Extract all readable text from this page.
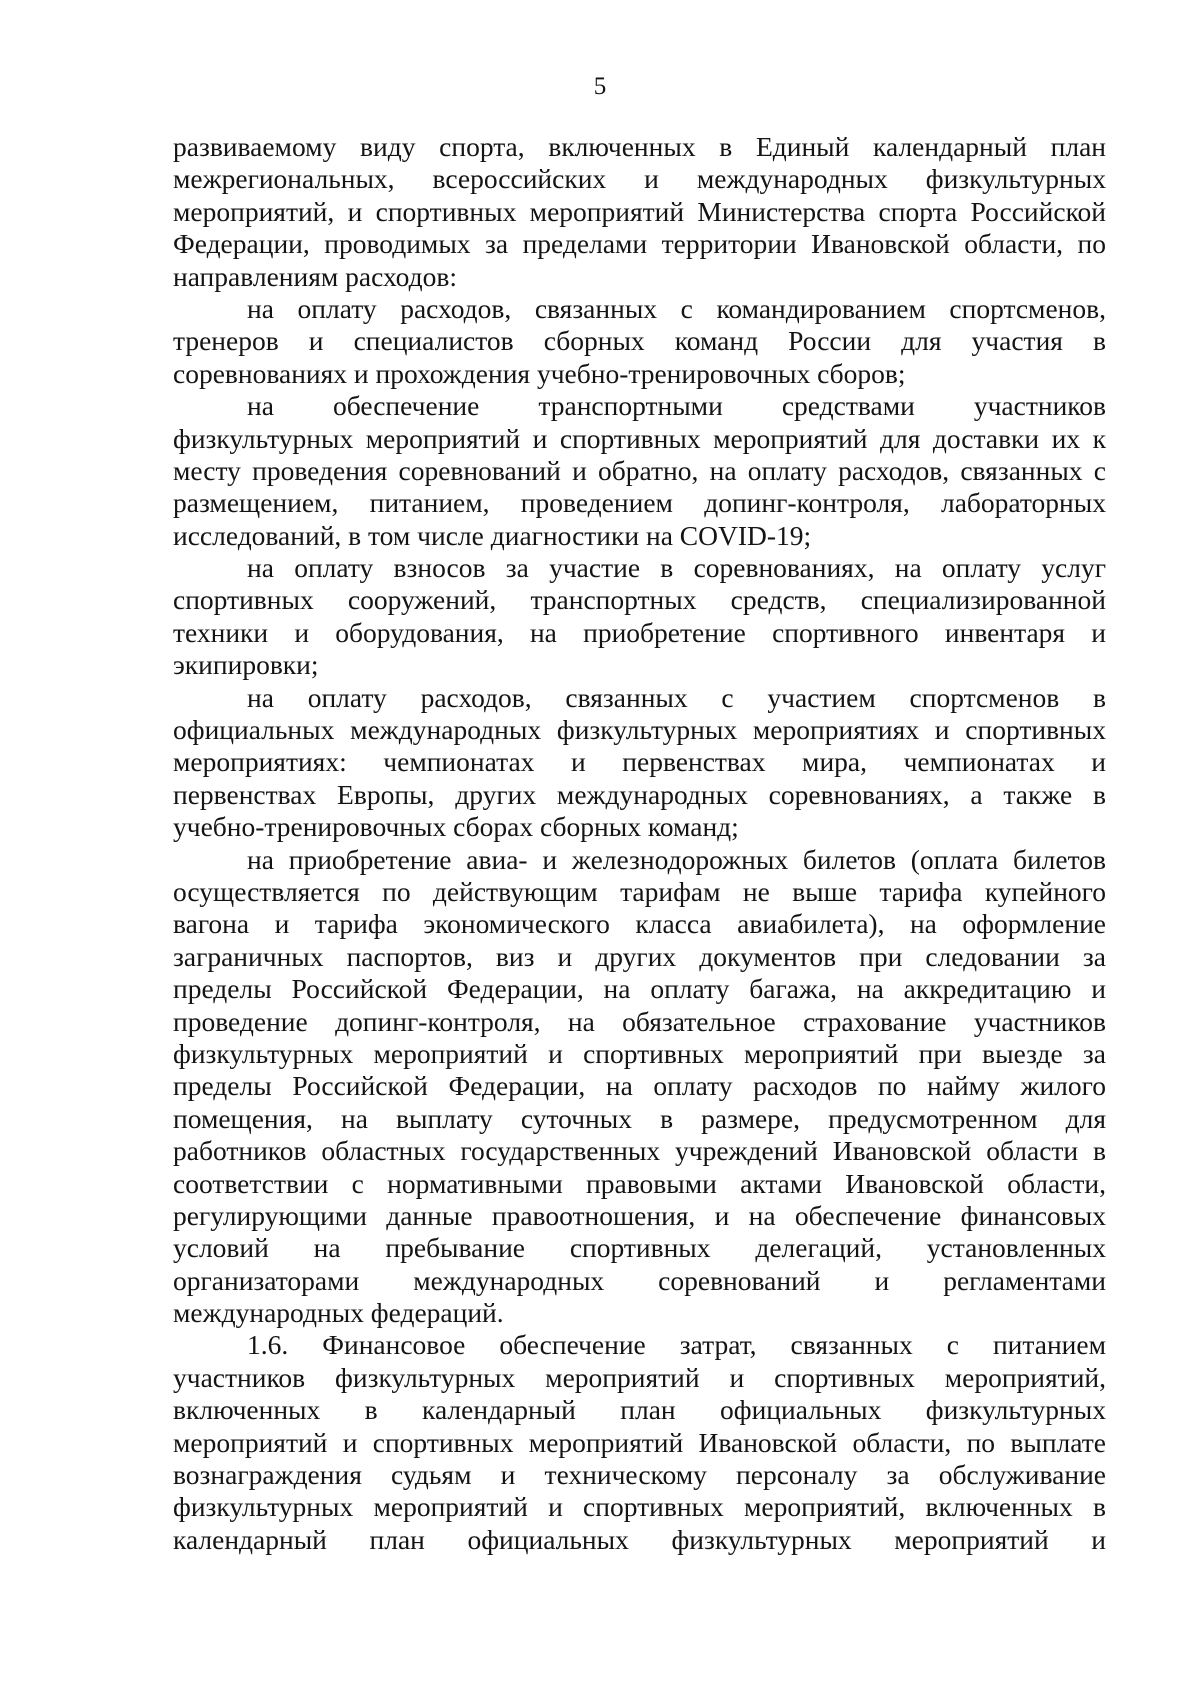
5
развиваемому виду спорта, включенных в Единый календарный план
межрегиональных, всероссийских и международных физкультурных
мероприятий, и спортивных мероприятий Министерства спорта Российской
Федерации, проводимых за пределами территории Ивановской области, по
направлениям расходов:
на оплату расходов, связанных с командированием спортсменов,
тренеров и специалистов сборных команд России для участия в
соревнованиях и прохождения учебно-тренировочных сборов;
на обеспечение транспортными средствами участников
физкультурных мероприятий и спортивных мероприятий для доставки их к
месту проведения соревнований и обратно, на оплату расходов, связанных с
размещением, питанием, проведением допинг-контроля, лабораторных
исследований, в том числе диагностики на COVID-19;
на оплату взносов за участие в соревнованиях, на оплату услуг
спортивных сооружений, транспортных средств, специализированной
техники и оборудования, на приобретение спортивного инвентаря и
экипировки;
на оплату расходов, связанных с участием спортсменов в
официальных международных физкультурных мероприятиях и спортивных
мероприятиях: чемпионатах и первенствах мира, чемпионатах и
первенствах Европы, других международных соревнованиях, а также в
учебно-тренировочных сборах сборных команд;
на приобретение авиа- и железнодорожных билетов (оплата билетов
осуществляется по действующим тарифам не выше тарифа купейного
вагона и тарифа экономического класса авиабилета), на оформление
заграничных паспортов, виз и других документов при следовании за
пределы Российской Федерации, на оплату багажа, на аккредитацию и
проведение допинг-контроля, на обязательное страхование участников
физкультурных мероприятий и спортивных мероприятий при выезде за
пределы Российской Федерации, на оплату расходов по найму жилого
помещения, на выплату суточных в размере, предусмотренном для
работников областных государственных учреждений Ивановской области в
соответствии с нормативными правовыми актами Ивановской области,
регулирующими данные правоотношения, и на обеспечение финансовых
условий на пребывание спортивных делегаций, установленных
организаторами международных соревнований и регламентами
международных федераций.
1.6. Финансовое обеспечение затрат, связанных с питанием
участников физкультурных мероприятий и спортивных мероприятий,
включенных в календарный план официальных физкультурных
мероприятий и спортивных мероприятий Ивановской области, по выплате
вознаграждения судьям и техническому персоналу за обслуживание
физкультурных мероприятий и спортивных мероприятий, включенных в
календарный план официальных физкультурных мероприятий и
